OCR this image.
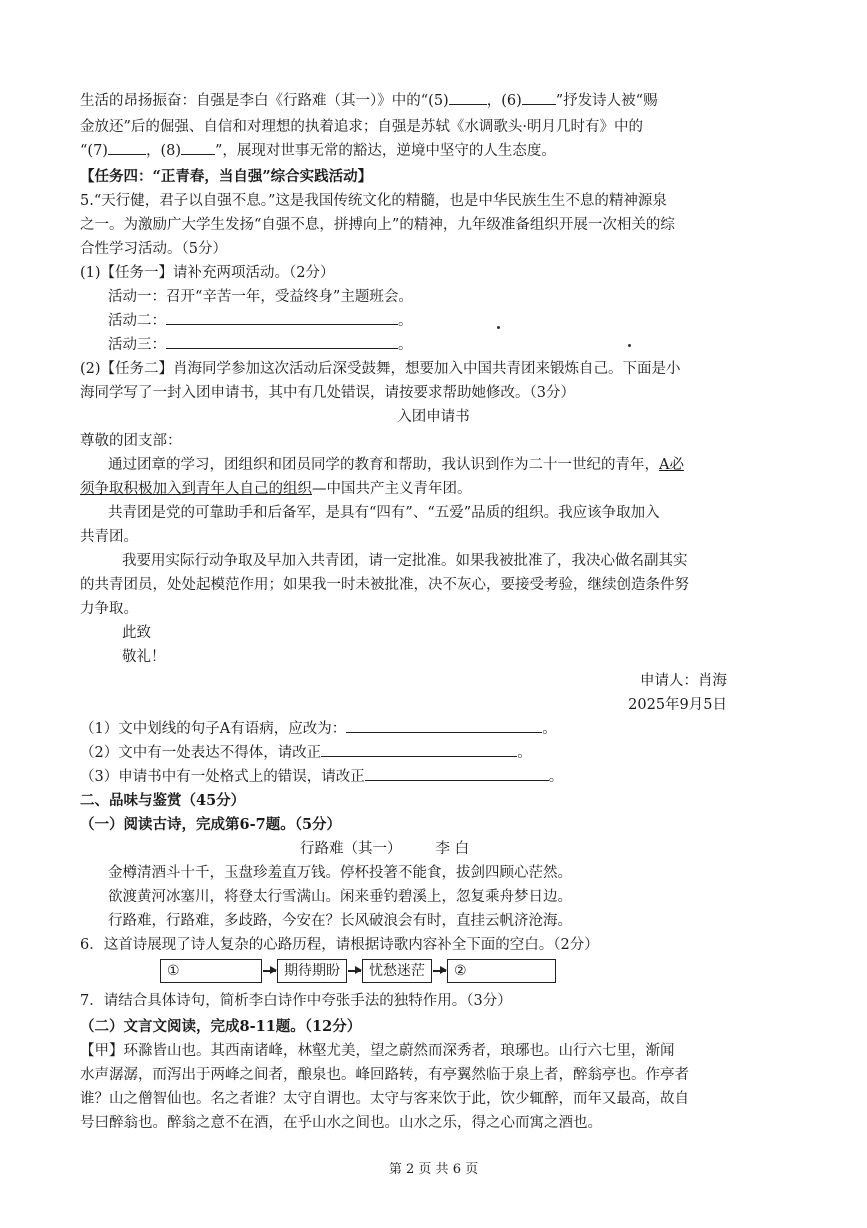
生活的昂扬振奋：自强是李白《行路难（其一）》中的“(5)	，(6) ”抒发诗人被“赐
金放还”后的倔强、自信和对理想的执着追求；自强是苏轼《水调歌头·明月几时有》中的
“(7)	，(8) ”，展现对世事无常的豁达，逆境中坚守的人生态度。
【任务四：“正青春，当自强”综合实践活动】
5.“天行健，君子以自强不息。”这是我国传统文化的精髓，也是中华民族生生不息的精神源泉
之一。为激励广大学生发扬“自强不息，拼搏向上”的精神，九年级准备组织开展一次相关的综
合性学习活动。（5分）
(1)【任务一】请补充两项活动。（2分）
活动一：召开“辛苦一年，受益终身”主题班会。
活动二：	。
活动三：	。
(2)【任务二】肖海同学参加这次活动后深受鼓舞，想要加入中国共青团来锻炼自己。下面是小
海同学写了一封入团申请书，其中有几处错误，请按要求帮助她修改。（3分）
入团申请书
尊敬的团支部：
通过团章的学习，团组织和团员同学的教育和帮助，我认识到作为二十一世纪的青年，A必
须争取积极加入到青年人自己的组织—中国共产主义青年团。
共青团是党的可靠助手和后备军，是具有“四有”、“五爱”品质的组织。我应该争取加入
共青团。
我要用实际行动争取及早加入共青团，请一定批准。如果我被批准了，我决心做名副其实
的共青团员，处处起模范作用；如果我一时未被批准，决不灰心，要接受考验，继续创造条件努
力争取。
此致
敬礼！
申请人：肖海
2025年9月5日
（1）文中划线的句子A有语病，应改为：	。
（2）文中有一处表达不得体，请改正	。
（3）申请书中有一处格式上的错误，请改正	。
二、品味与鉴赏（45分）
（一）阅读古诗，完成第6-7题。（5分）
行路难（其一） 李 白
金樽清酒斗十千，玉盘珍羞直万钱。停杯投箸不能食，拔剑四顾心茫然。
欲渡黄河冰塞川，将登太行雪满山。闲来垂钓碧溪上，忽复乘舟梦日边。
行路难，行路难，多歧路，今安在？长风破浪会有时，直挂云帆济沧海。
6．这首诗展现了诗人复杂的心路历程，请根据诗歌内容补全下面的空白。（2分）
①	期待期盼	忧愁迷茫	②
7．请结合具体诗句，简析李白诗作中夸张手法的独特作用。（3分）
（二）文言文阅读，完成8-11题。（12分）
【甲】环滁皆山也。其西南诸峰，林壑尤美，望之蔚然而深秀者，琅琊也。山行六七里，渐闻
水声潺潺，而泻出于两峰之间者，酿泉也。峰回路转，有亭翼然临于泉上者，醉翁亭也。作亭者
谁？山之僧智仙也。名之者谁？太守自谓也。太守与客来饮于此，饮少辄醉，而年又最高，故自
号曰醉翁也。醉翁之意不在酒，在乎山水之间也。山水之乐，得之心而寓之酒也。
第 2 页 共 6 页
